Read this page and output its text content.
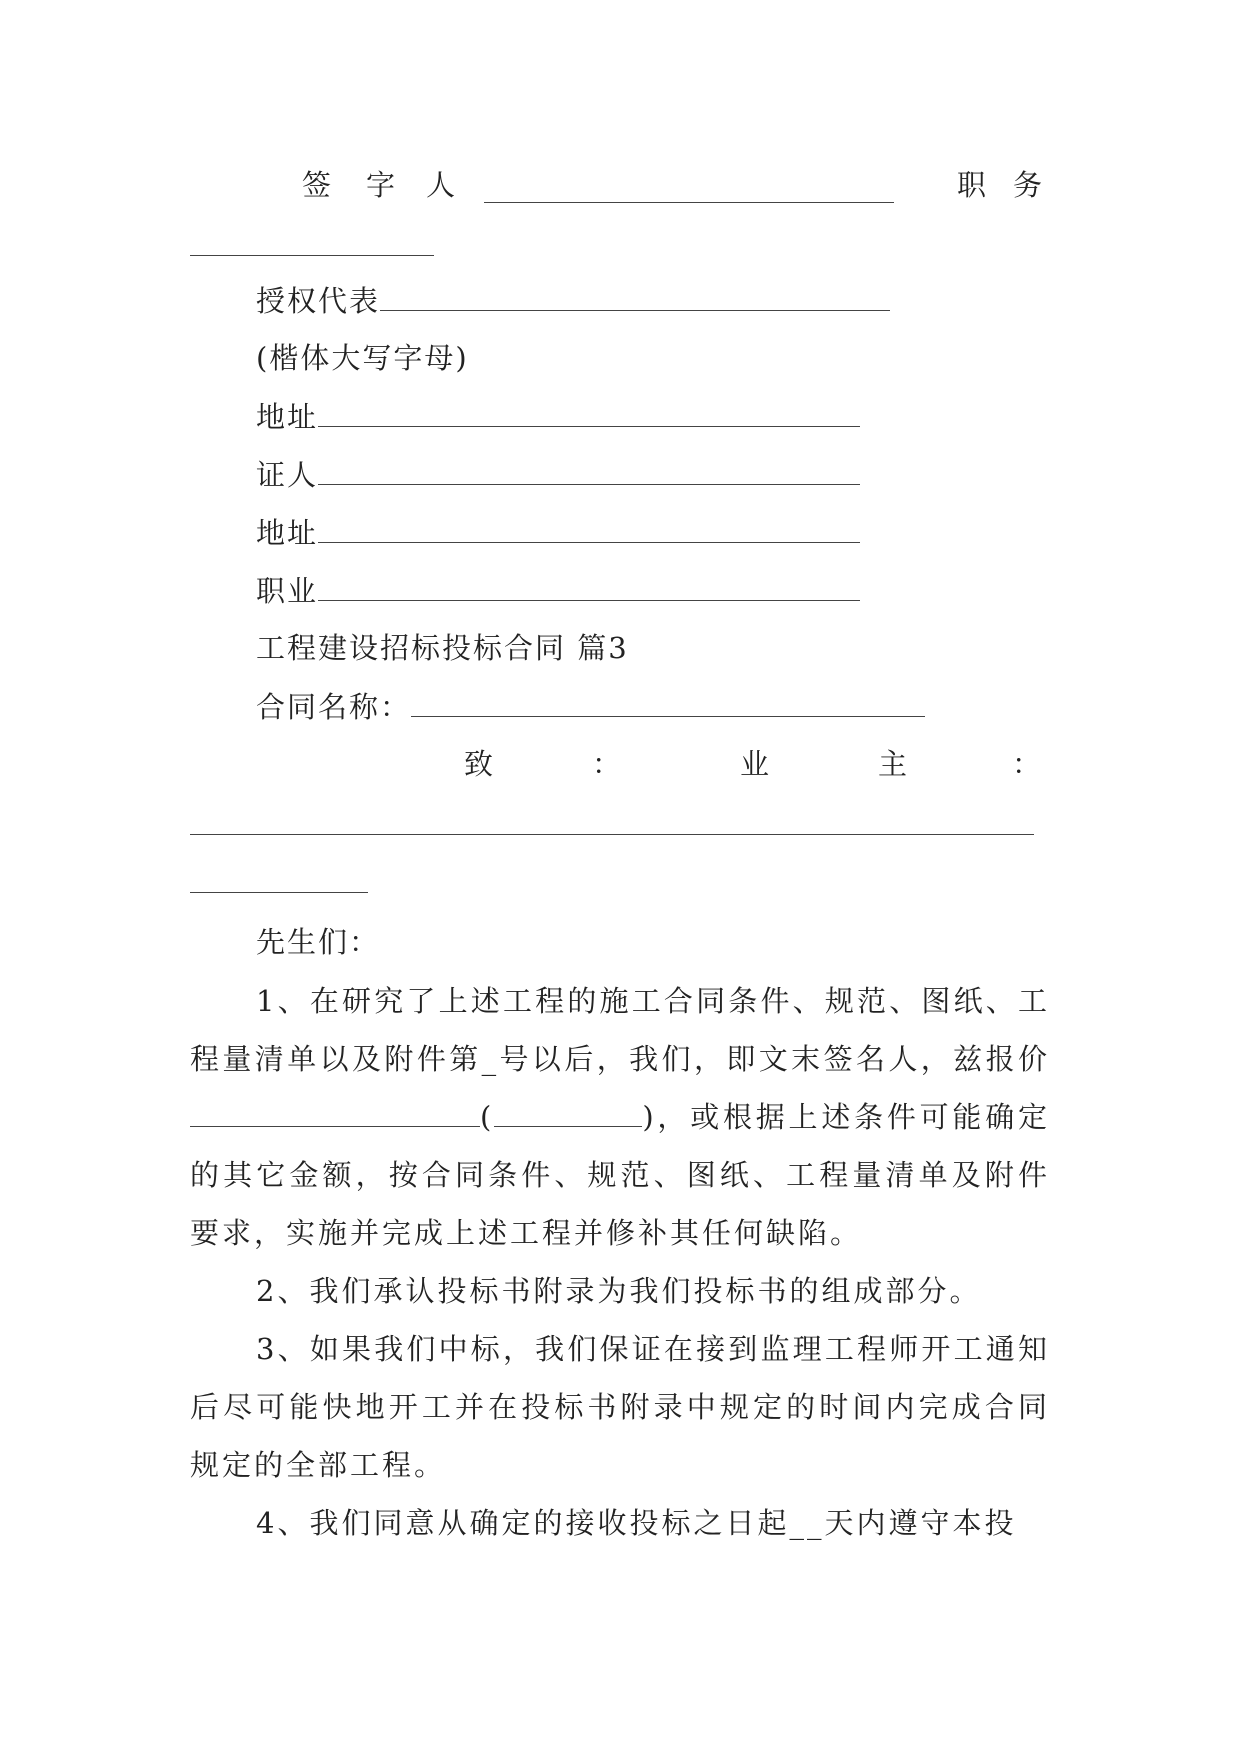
签 字 人	职 务
授权代表
(楷体大写字母)
地址
证人
地址
职业
工程建设招标投标合同 篇3
合同名称：
致	：	业	主	：
先生们：
1、在研究了上述工程的施工合同条件、规范、图纸、工程量清单以及附件第_号以后，我们，即文末签名人，兹报价(	)，或根据上述条件可能确定的其它金额，按合同条件、规范、图纸、工程量清单及附件要求，实施并完成上述工程并修补其任何缺陷。
2、我们承认投标书附录为我们投标书的组成部分。
3、如果我们中标，我们保证在接到监理工程师开工通知后尽可能快地开工并在投标书附录中规定的时间内完成合同规定的全部工程。
4、我们同意从确定的接收投标之日起__天内遵守本投
